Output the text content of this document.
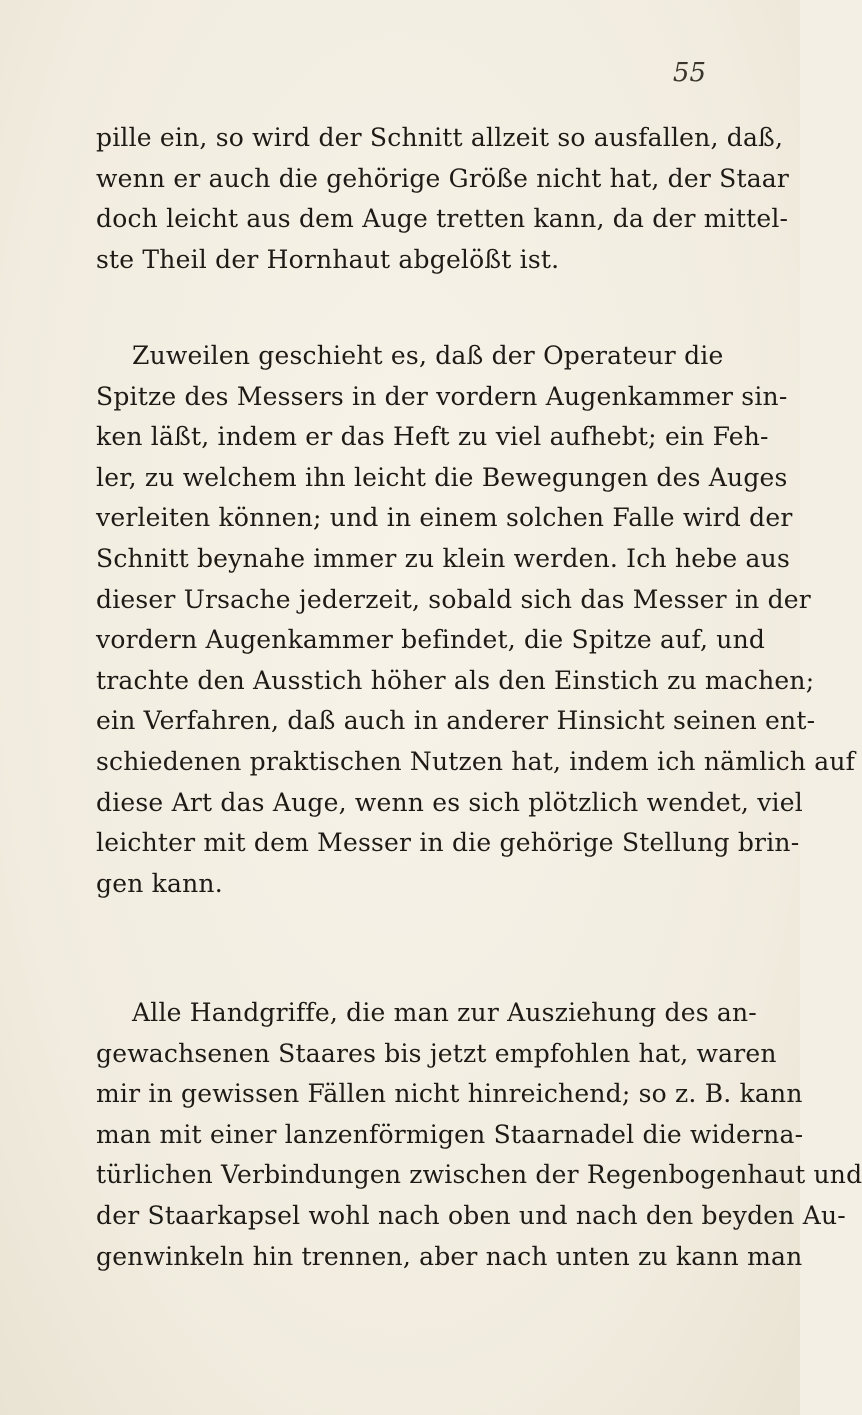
55
pille ein, so wird der Schnitt allzeit so ausfallen, daß,
wenn er auch die gehörige Größe nicht hat, der Staar
doch leicht aus dem Auge tretten kann, da der mittel-
ste Theil der Hornhaut abgelößt ist.
Zuweilen geschieht es, daß der Operateur die
Spitze des Messers in der vordern Augenkammer sin-
ken läßt, indem er das Heft zu viel aufhebt; ein Feh-
ler, zu welchem ihn leicht die Bewegungen des Auges
verleiten können; und in einem solchen Falle wird der
Schnitt beynahe immer zu klein werden. Ich hebe aus
dieser Ursache jederzeit, sobald sich das Messer in der
vordern Augenkammer befindet, die Spitze auf, und
trachte den Ausstich höher als den Einstich zu machen;
ein Verfahren, daß auch in anderer Hinsicht seinen ent-
schiedenen praktischen Nutzen hat, indem ich nämlich auf
diese Art das Auge, wenn es sich plötzlich wendet, viel
leichter mit dem Messer in die gehörige Stellung brin-
gen kann.
Alle Handgriffe, die man zur Ausziehung des an-
gewachsenen Staares bis jetzt empfohlen hat, waren
mir in gewissen Fällen nicht hinreichend; so z. B. kann
man mit einer lanzenförmigen Staarnadel die widerna-
türlichen Verbindungen zwischen der Regenbogenhaut und
der Staarkapsel wohl nach oben und nach den beyden Au-
genwinkeln hin trennen, aber nach unten zu kann man
